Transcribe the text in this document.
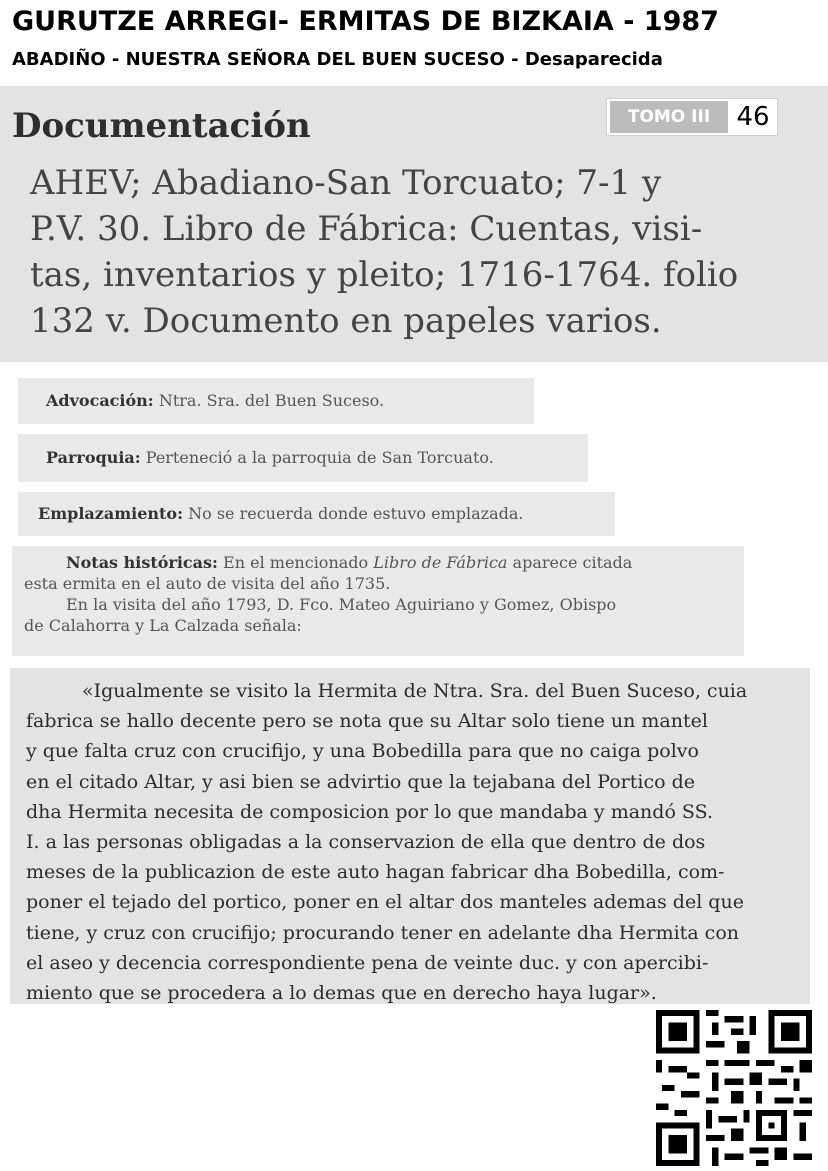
GURUTZE ARREGI- ERMITAS DE BIZKAIA - 1987
ABADIÑO - NUESTRA SEÑORA DEL BUEN SUCESO - Desaparecida
Documentación	TOMO III	46
AHEV; Abadiano-San Torcuato; 7-1 y
P.V. 30. Libro de Fábrica: Cuentas, visi-
tas, inventarios y pleito; 1716-1764. folio
132 v. Documento en papeles varios.
Advocación: Ntra. Sra. del Buen Suceso.
Parroquia: Perteneció a la parroquia de San Torcuato.
Emplazamiento: No se recuerda donde estuvo emplazada.
Notas históricas: En el mencionado Libro de Fábrica aparece citada
esta ermita en el auto de visita del año 1735.
En la visita del año 1793, D. Fco. Mateo Aguiriano y Gomez, Obispo
de Calahorra y La Calzada señala:
«Igualmente se visito la Hermita de Ntra. Sra. del Buen Suceso, cuia
fabrica se hallo decente pero se nota que su Altar solo tiene un mantel
y que falta cruz con crucifijo, y una Bobedilla para que no caiga polvo
en el citado Altar, y asi bien se advirtio que la tejabana del Portico de
dha Hermita necesita de composicion por lo que mandaba y mandó SS.
I. a las personas obligadas a la conservazion de ella que dentro de dos
meses de la publicazion de este auto hagan fabricar dha Bobedilla, com-
poner el tejado del portico, poner en el altar dos manteles ademas del que
tiene, y cruz con crucifijo; procurando tener en adelante dha Hermita con
el aseo y decencia correspondiente pena de veinte duc. y con apercibi-
miento que se procedera a lo demas que en derecho haya lugar».
